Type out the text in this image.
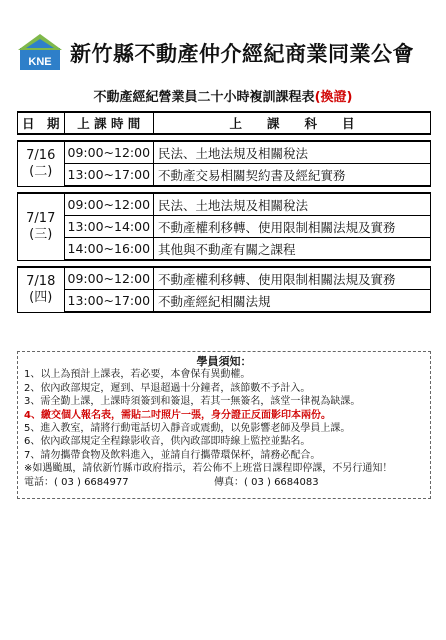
KNE 新竹縣不動產仲介經紀商業同業公會
不動產經紀營業員二十小時複訓課程表(換證)
日　期	上 課 時 間	上　　課　　科　　目

7/16
(二)	09:00~12:00	民法、土地法規及相關稅法
	13:00~17:00	不動產交易相關契約書及經紀實務

7/17
(三)	09:00~12:00	民法、土地法規及相關稅法
	13:00~14:00	不動產權利移轉、使用限制相關法規及實務
	14:00~16:00	其他與不動產有關之課程

7/18
(四)	09:00~12:00	不動產權利移轉、使用限制相關法規及實務
	13:00~17:00	不動產經紀相關法規
學員須知：
1、以上為預計上課表，若必要，本會保有異動權。
2、依內政部規定，遲到、早退超過十分鐘者，該節數不予計入。
3、需全勤上課，上課時須簽到和簽退，若其一無簽名，該堂一律視為缺課。
4、繳交個人報名表，需貼二吋照片一張，身分證正反面影印本兩份。
5、進入教室，請將行動電話切入靜音或震動，以免影響老師及學員上課。
6、依內政部規定全程錄影收音，供內政部即時線上監控並點名。
7、請勿攜帶食物及飲料進入，並請自行攜帶環保杯，請務必配合。
※如遇颱風，請依新竹縣市政府指示，若公佈不上班當日課程即停課，不另行通知！
電話：( 03 ) 6684977	傳真：( 03 ) 6684083
